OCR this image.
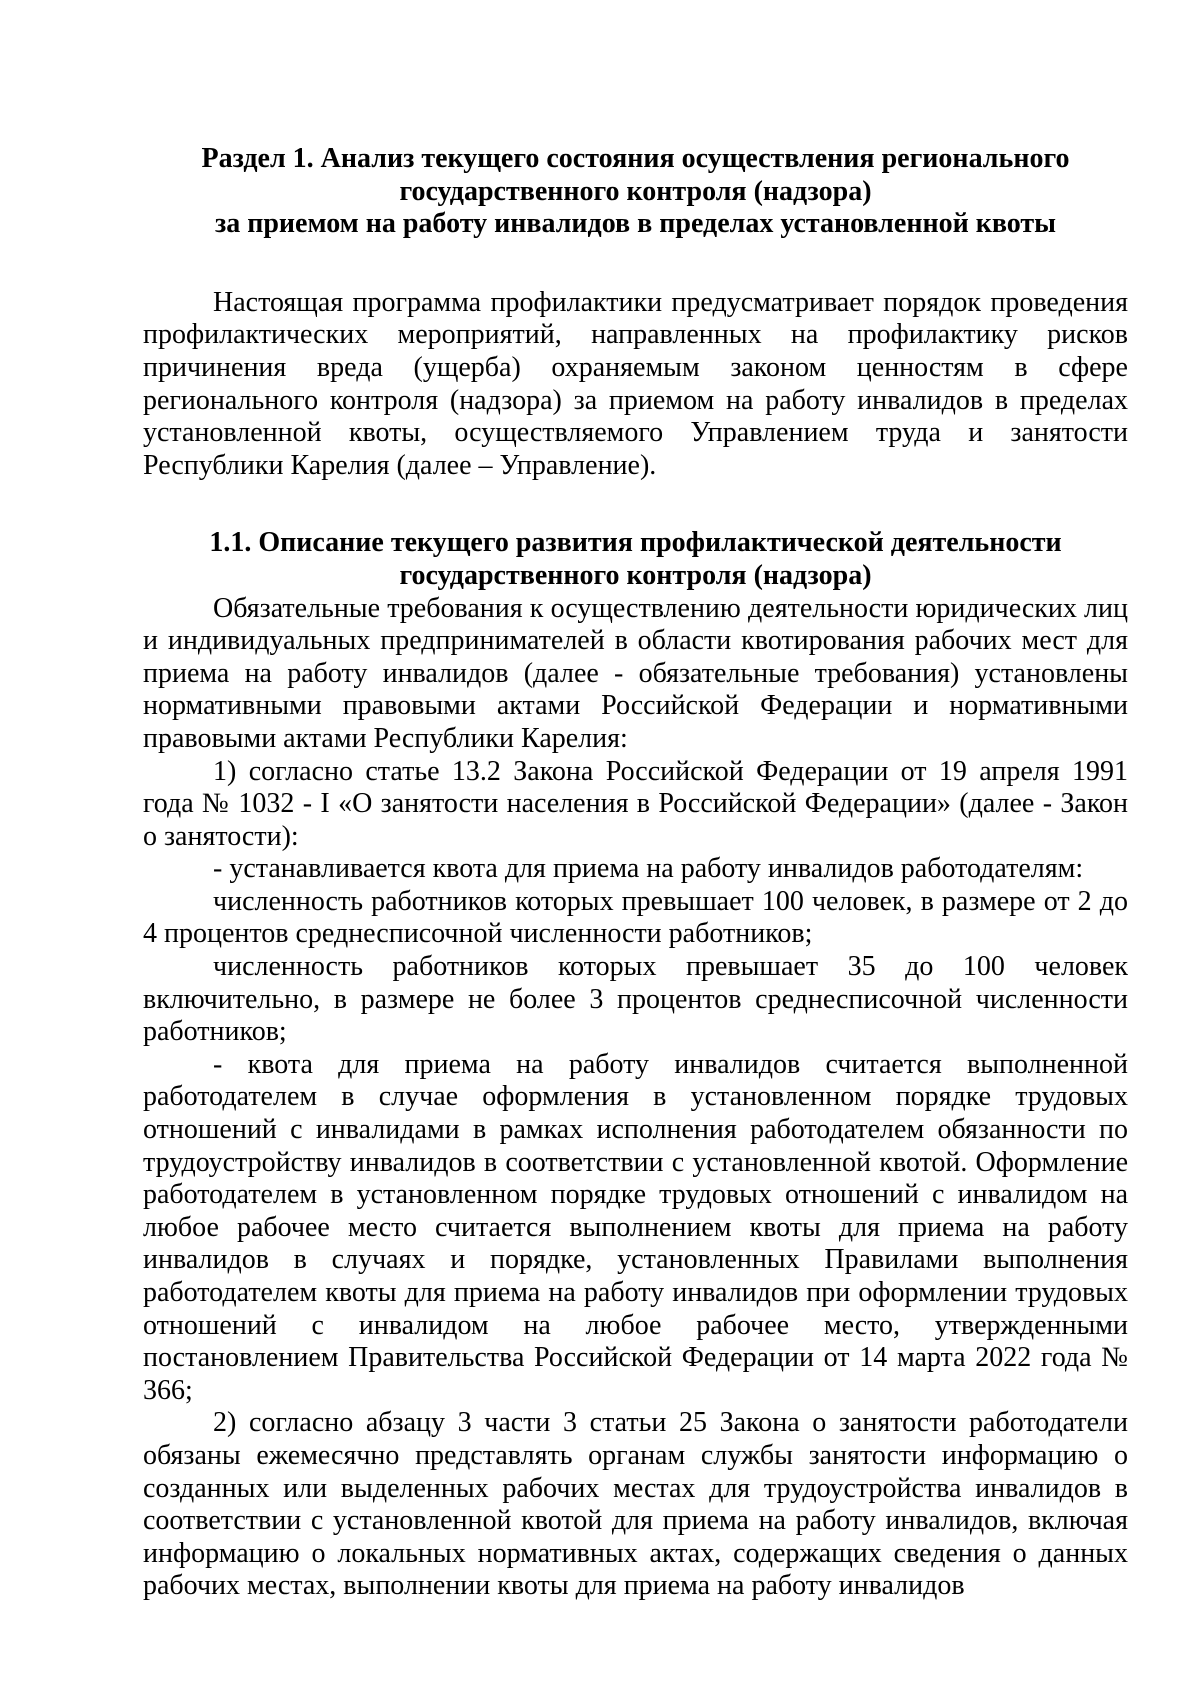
Раздел 1. Анализ текущего состояния осуществления регионального
государственного контроля (надзора)
за приемом на работу инвалидов в пределах установленной квоты

Настоящая программа профилактики предусматривает порядок проведения профилактических мероприятий, направленных на профилактику рисков причинения вреда (ущерба) охраняемым законом ценностям в сфере регионального контроля (надзора) за приемом на работу инвалидов в пределах установленной квоты, осуществляемого Управлением труда и занятости Республики Карелия (далее – Управление).

1.1. Описание текущего развития профилактической деятельности
государственного контроля (надзора)

Обязательные требования к осуществлению деятельности юридических лиц и индивидуальных предпринимателей в области квотирования рабочих мест для приема на работу инвалидов (далее - обязательные требования) установлены нормативными правовыми актами Российской Федерации и нормативными правовыми актами Республики Карелия:

1) согласно статье 13.2 Закона Российской Федерации от 19 апреля 1991 года № 1032 - I «О занятости населения в Российской Федерации» (далее - Закон о занятости):

- устанавливается квота для приема на работу инвалидов работодателям:

численность работников которых превышает 100 человек, в размере от 2 до 4 процентов среднесписочной численности работников;

численность работников которых превышает 35 до 100 человек включительно, в размере не более 3 процентов среднесписочной численности работников;

- квота для приема на работу инвалидов считается выполненной работодателем в случае оформления в установленном порядке трудовых отношений с инвалидами в рамках исполнения работодателем обязанности по трудоустройству инвалидов в соответствии с установленной квотой. Оформление работодателем в установленном порядке трудовых отношений с инвалидом на любое рабочее место считается выполнением квоты для приема на работу инвалидов в случаях и порядке, установленных Правилами выполнения работодателем квоты для приема на работу инвалидов при оформлении трудовых отношений с инвалидом на любое рабочее место, утвержденными постановлением Правительства Российской Федерации от 14 марта 2022 года № 366;

2) согласно абзацу 3 части 3 статьи 25 Закона о занятости работодатели обязаны ежемесячно представлять органам службы занятости информацию о созданных или выделенных рабочих местах для трудоустройства инвалидов в соответствии с установленной квотой для приема на работу инвалидов, включая информацию о локальных нормативных актах, содержащих сведения о данных рабочих местах, выполнении квоты для приема на работу инвалидов
